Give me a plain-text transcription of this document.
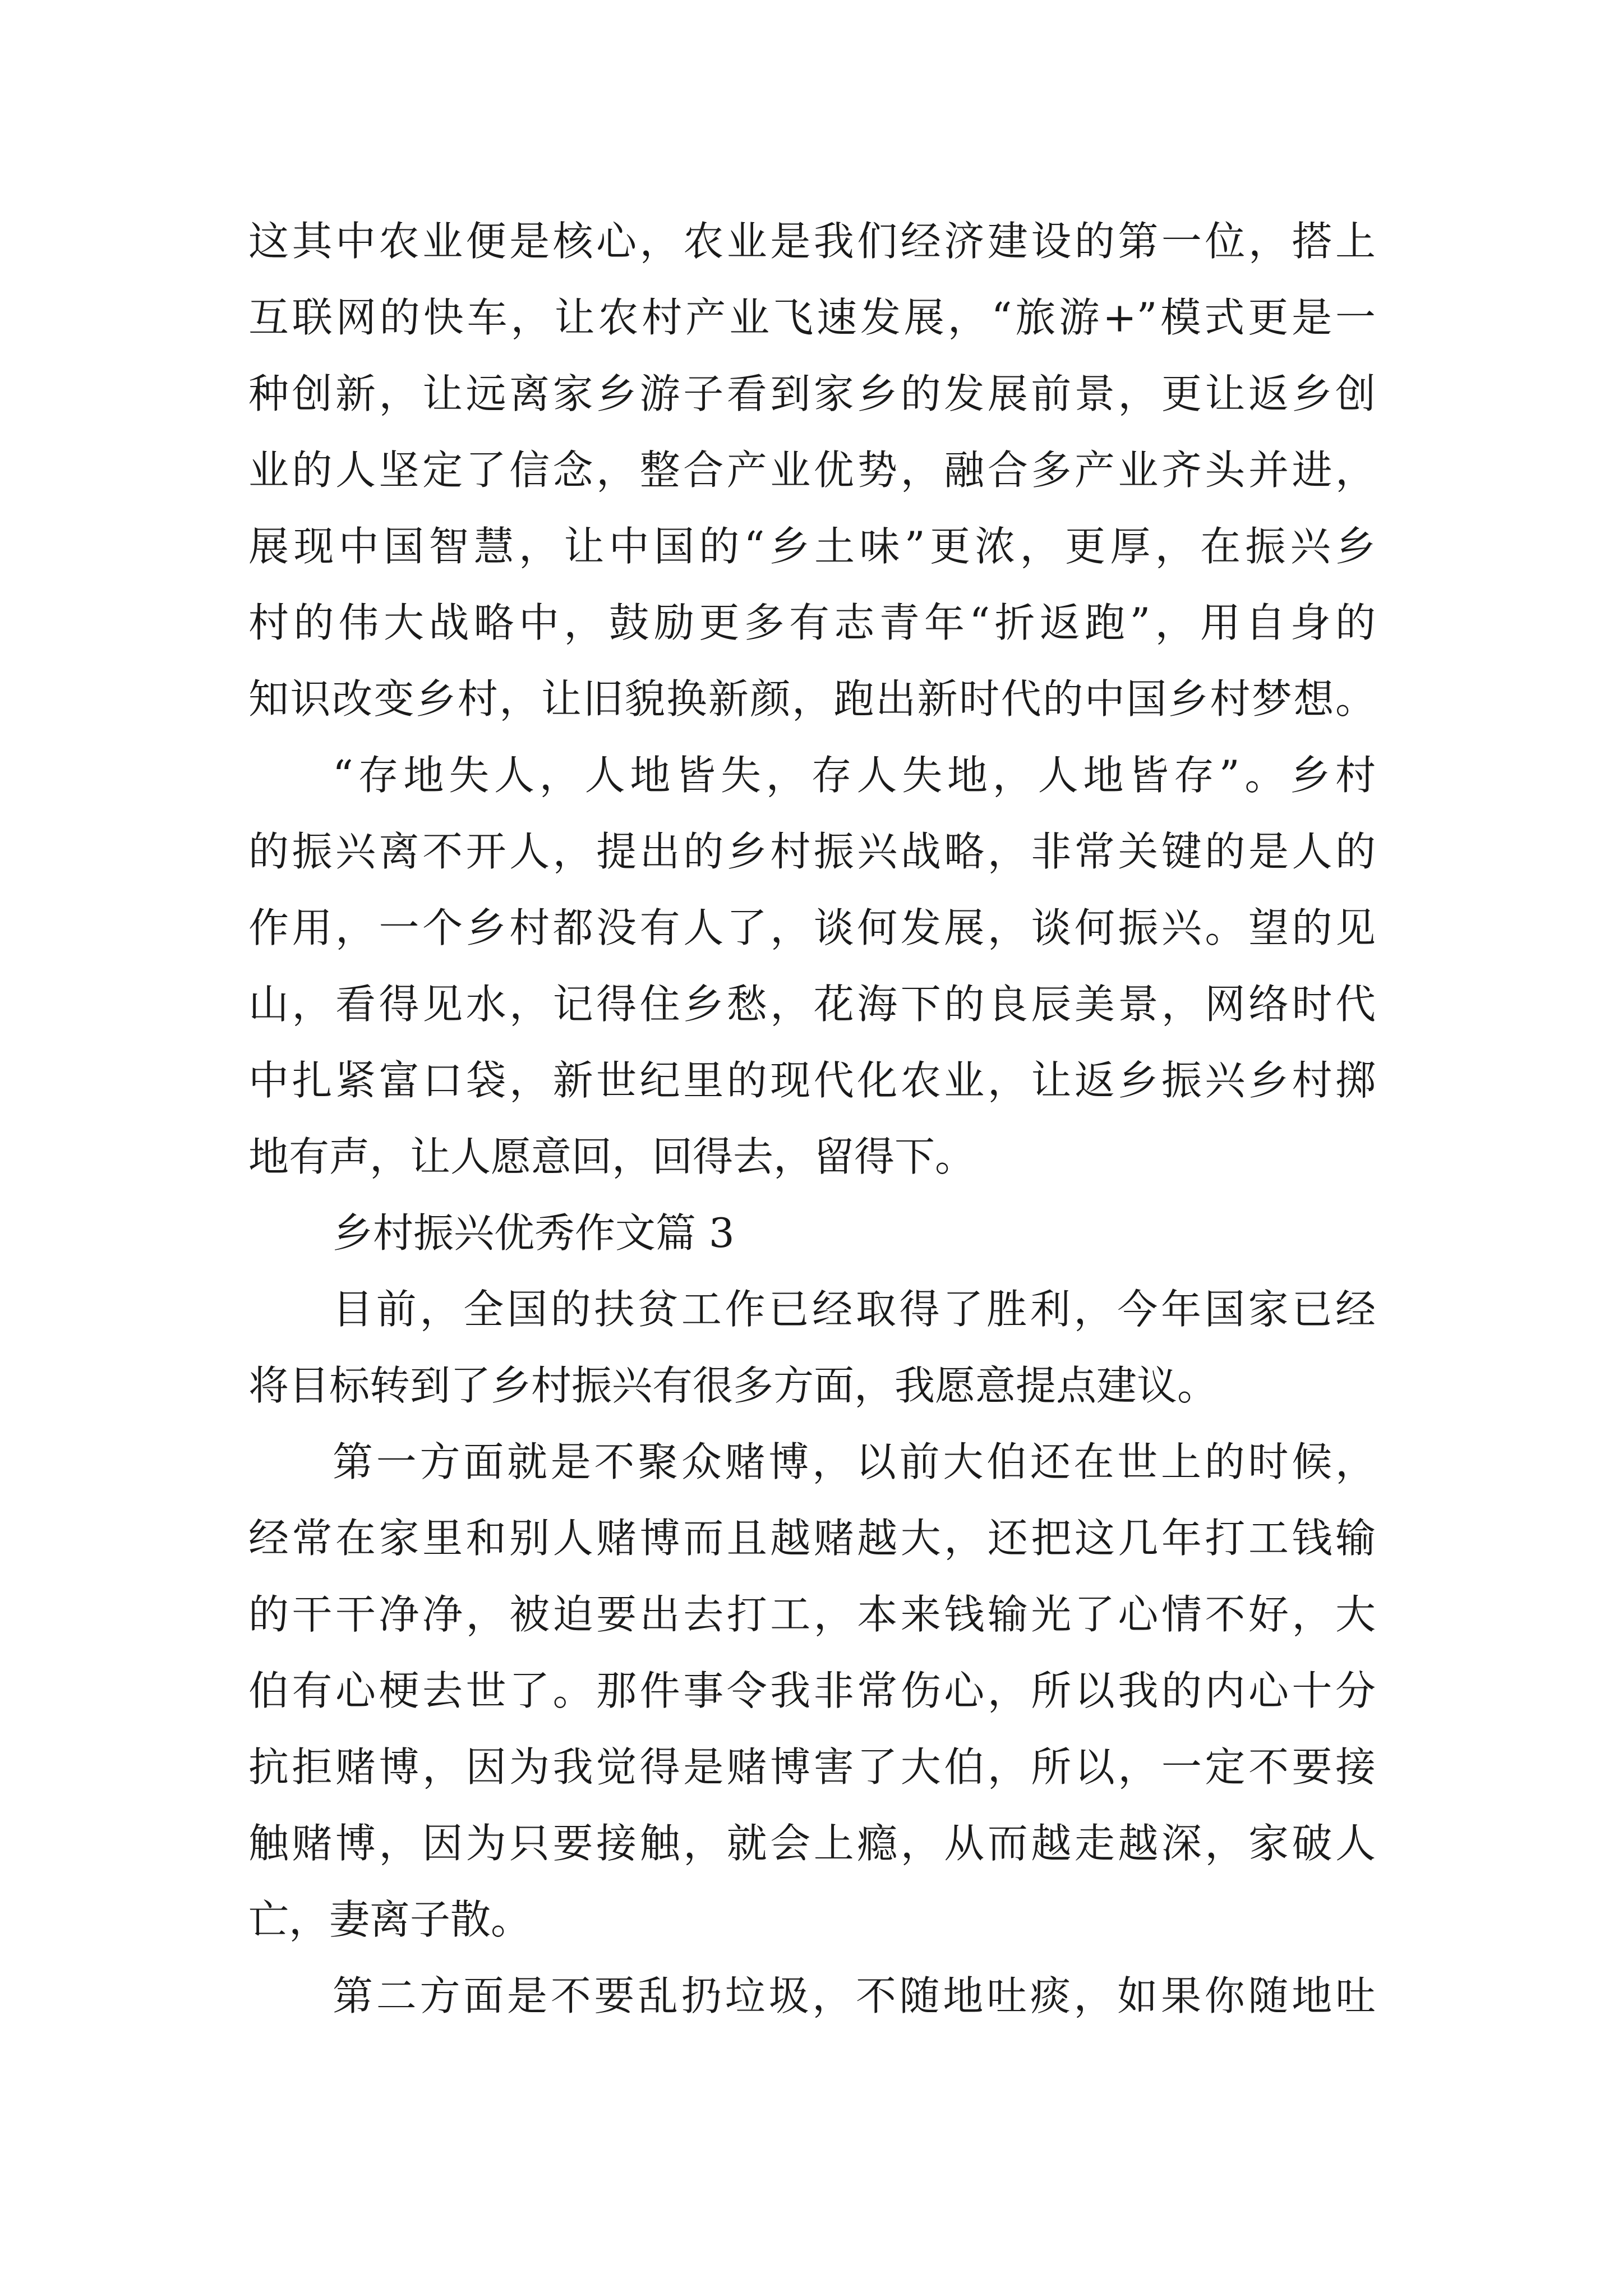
这其中农业便是核心，农业是我们经济建设的第一位，搭上
互联网的快车，让农村产业飞速发展，“旅游+”模式更是一
种创新，让远离家乡游子看到家乡的发展前景，更让返乡创
业的人坚定了信念，整合产业优势，融合多产业齐头并进，
展现中国智慧，让中国的“乡土味”更浓，更厚，在振兴乡
村的伟大战略中，鼓励更多有志青年“折返跑”，用自身的
知识改变乡村，让旧貌换新颜，跑出新时代的中国乡村梦想。
“存地失人，人地皆失，存人失地，人地皆存”。乡村
的振兴离不开人，提出的乡村振兴战略，非常关键的是人的
作用，一个乡村都没有人了，谈何发展，谈何振兴。望的见
山，看得见水，记得住乡愁，花海下的良辰美景，网络时代
中扎紧富口袋，新世纪里的现代化农业，让返乡振兴乡村掷
地有声，让人愿意回，回得去，留得下。
乡村振兴优秀作文篇 3
目前，全国的扶贫工作已经取得了胜利，今年国家已经
将目标转到了乡村振兴有很多方面，我愿意提点建议。
第一方面就是不聚众赌博，以前大伯还在世上的时候，
经常在家里和别人赌博而且越赌越大，还把这几年打工钱输
的干干净净，被迫要出去打工，本来钱输光了心情不好，大
伯有心梗去世了。那件事令我非常伤心，所以我的内心十分
抗拒赌博，因为我觉得是赌博害了大伯，所以，一定不要接
触赌博，因为只要接触，就会上瘾，从而越走越深，家破人
亡，妻离子散。
第二方面是不要乱扔垃圾，不随地吐痰，如果你随地吐
